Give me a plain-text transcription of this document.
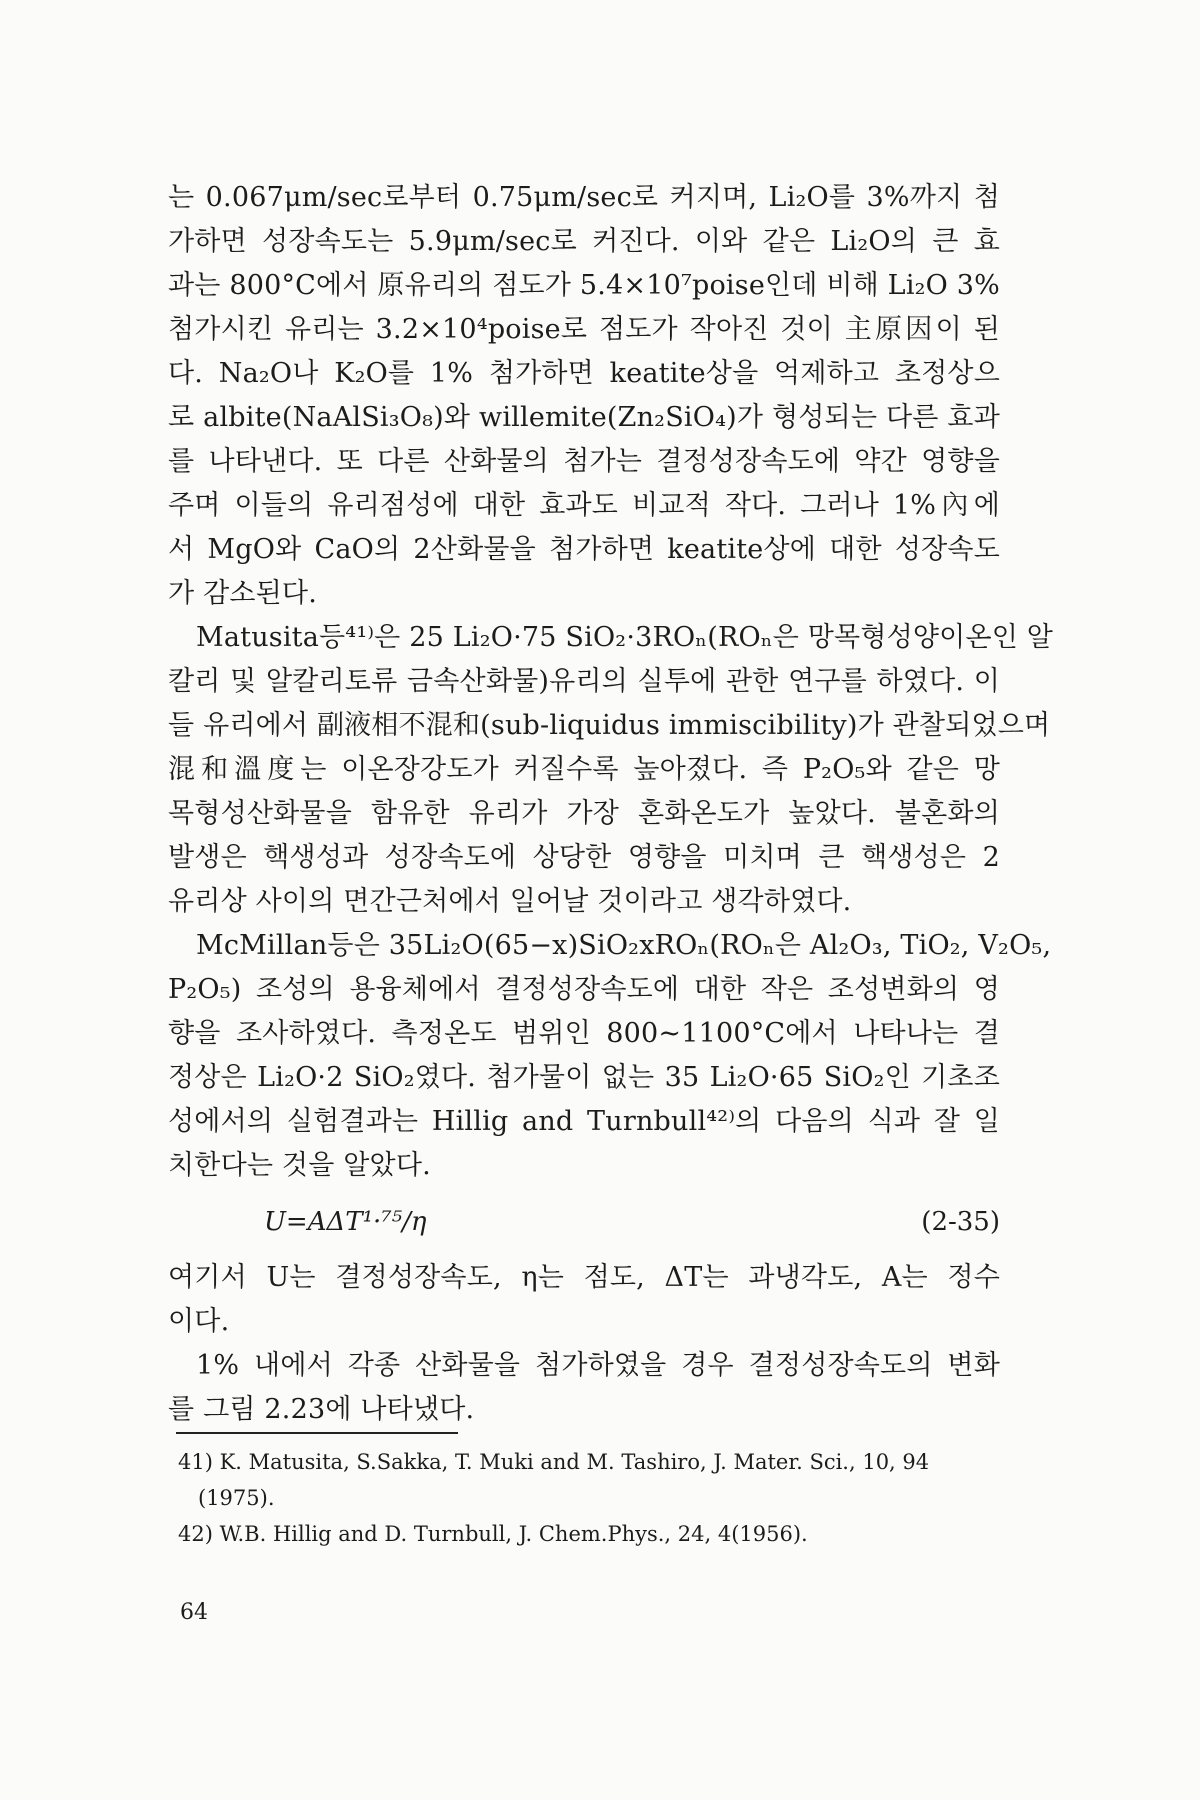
는 0.067μm/sec로부터 0.75μm/sec로 커지며, Li₂O를 3%까지 첨
가하면 성장속도는 5.9μm/sec로 커진다. 이와 같은 Li₂O의 큰 효
과는 800°C에서 原유리의 점도가 5.4×10⁷poise인데 비해 Li₂O 3%
첨가시킨 유리는 3.2×10⁴poise로 점도가 작아진 것이 主原因이 된
다. Na₂O나 K₂O를 1% 첨가하면 keatite상을 억제하고 초정상으
로 albite(NaAlSi₃O₈)와 willemite(Zn₂SiO₄)가 형성되는 다른 효과
를 나타낸다. 또 다른 산화물의 첨가는 결정성장속도에 약간 영향을
주며 이들의 유리점성에 대한 효과도 비교적 작다. 그러나 1%內에
서 MgO와 CaO의 2산화물을 첨가하면 keatite상에 대한 성장속도
가 감소된다.
Matusita등⁴¹⁾은 25 Li₂O·75 SiO₂·3ROₙ(ROₙ은 망목형성양이온인 알
칼리 및 알칼리토류 금속산화물)유리의 실투에 관한 연구를 하였다. 이
들 유리에서 副液相不混和(sub-liquidus immiscibility)가 관찰되었으며
混和溫度는 이온장강도가 커질수록 높아졌다. 즉 P₂O₅와 같은 망
목형성산화물을 함유한 유리가 가장 혼화온도가 높았다. 불혼화의
발생은 핵생성과 성장속도에 상당한 영향을 미치며 큰 핵생성은 2
유리상 사이의 면간근처에서 일어날 것이라고 생각하였다.
McMillan등은 35Li₂O(65−x)SiO₂xROₙ(ROₙ은 Al₂O₃, TiO₂, V₂O₅,
P₂O₅) 조성의 용융체에서 결정성장속도에 대한 작은 조성변화의 영
향을 조사하였다. 측정온도 범위인 800~1100°C에서 나타나는 결
정상은 Li₂O·2 SiO₂였다. 첨가물이 없는 35 Li₂O·65 SiO₂인 기초조
성에서의 실험결과는 Hillig and Turnbull⁴²⁾의 다음의 식과 잘 일
치한다는 것을 알았다.
U=AΔT¹·⁷⁵/η	(2-35)
여기서 U는 결정성장속도, η는 점도, ΔT는 과냉각도, A는 정수
이다.
1% 내에서 각종 산화물을 첨가하였을 경우 결정성장속도의 변화
를 그림 2.23에 나타냈다.
41) K. Matusita, S.Sakka, T. Muki and M. Tashiro, J. Mater. Sci., 10, 94
(1975).
42) W.B. Hillig and D. Turnbull, J. Chem.Phys., 24, 4(1956).
64
